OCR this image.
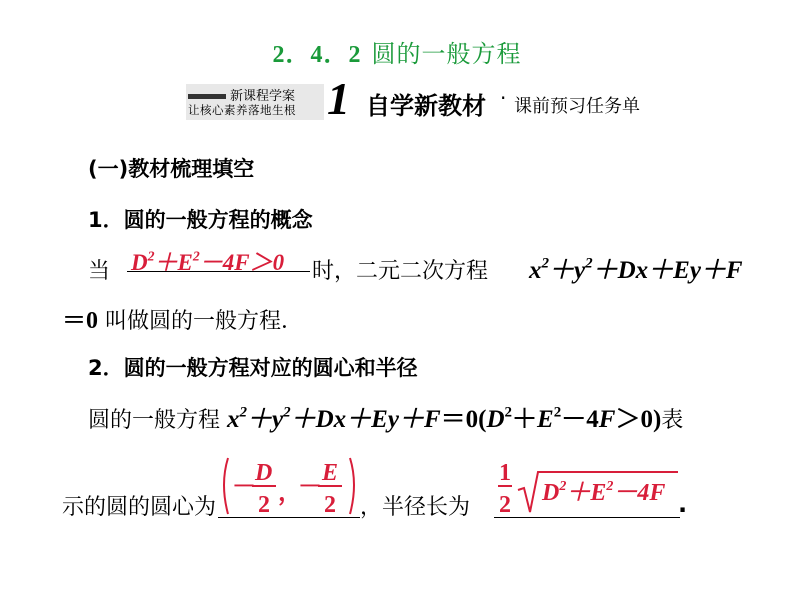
2．4．2 圆的一般方程
新课程学案
让核心素养落地生根 1 自学新教材 · 课前预习任务单
(一)教材梳理填空
1．圆的一般方程的概念
当 $D^2+E^2-4F>0$ 时，二元二次方程 $x^2+y^2+Dx+Ey+F$
＝0 叫做圆的一般方程．
2．圆的一般方程对应的圆心和半径
圆的一般方程 $x^2+y^2+Dx+Ey+F=0(D^2+E^2-4F>0)$表
示的圆的圆心为
－
D
2 ，
－
E
2 ，半径长为
1
2 $D^2+E^2-4F$ .
